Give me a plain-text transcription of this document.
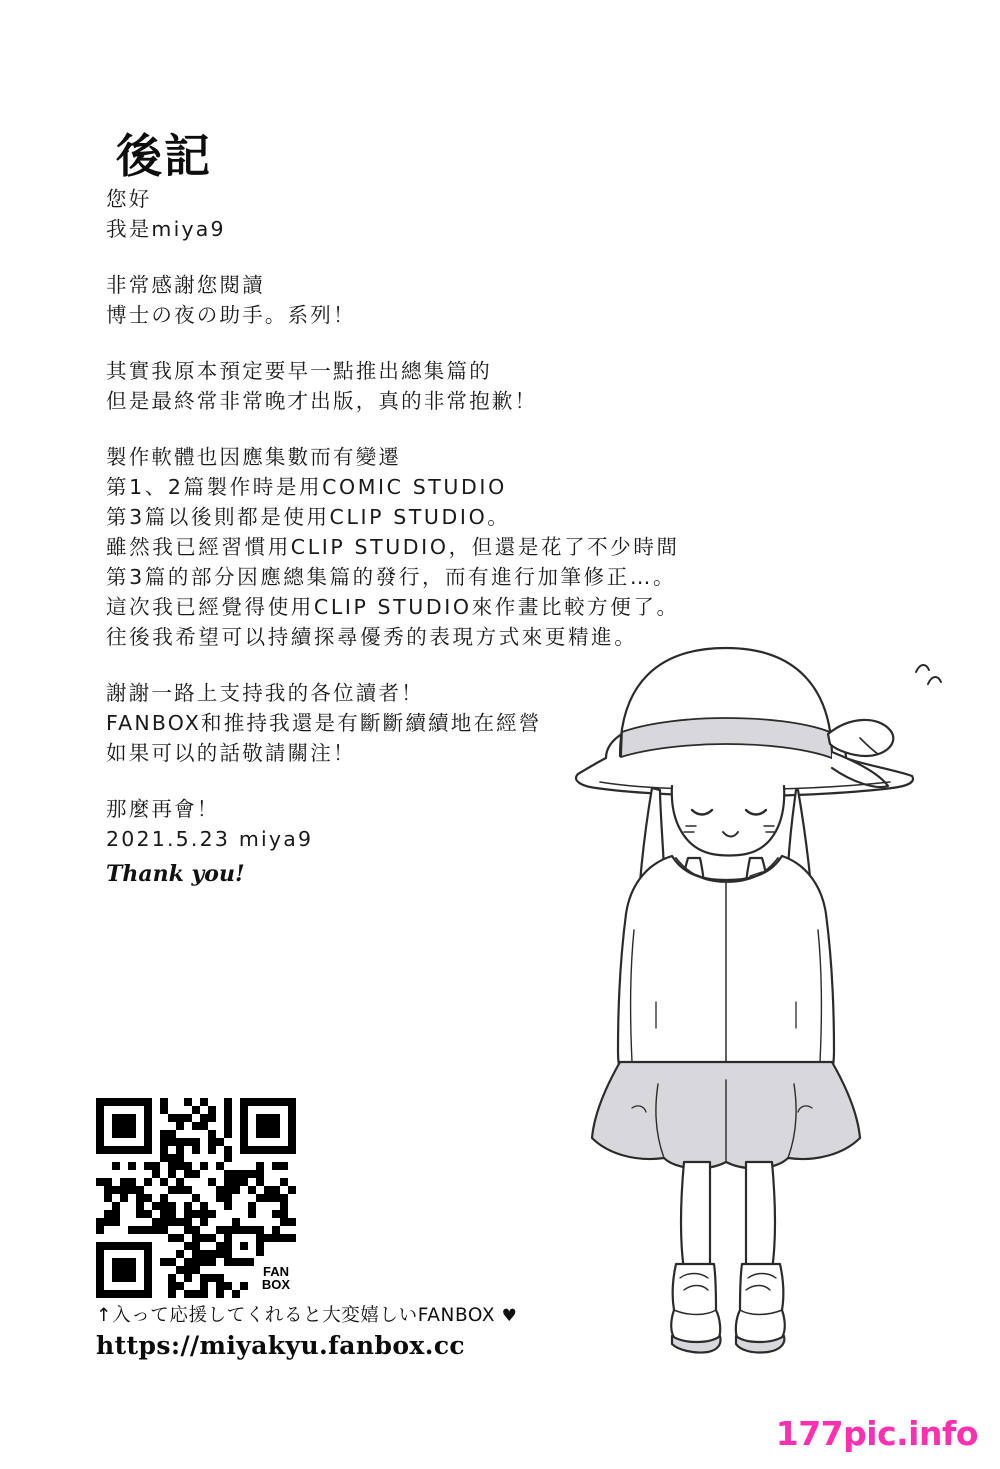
後記
您好
我是miya9
非常感謝您閱讀
博士の夜の助手。系列！
其實我原本預定要早一點推出總集篇的
但是最終常非常晚才出版，真的非常抱歉！
製作軟體也因應集數而有變遷
第1、2篇製作時是用COMIC STUDIO
第3篇以後則都是使用CLIP STUDIO。
雖然我已經習慣用CLIP STUDIO，但還是花了不少時間
第3篇的部分因應總集篇的發行，而有進行加筆修正…。
這次我已經覺得使用CLIP STUDIO來作畫比較方便了。
往後我希望可以持續探尋優秀的表現方式來更精進。
謝謝一路上支持我的各位讀者！
FANBOX和推持我還是有斷斷續續地在經營
如果可以的話敬請關注！
那麼再會！
2021.5.23 miya9
Thank you!
FAN
BOX
↑入って応援してくれると大変嬉しいFANBOX ♥
https://miyakyu.fanbox.cc
177pic.info
